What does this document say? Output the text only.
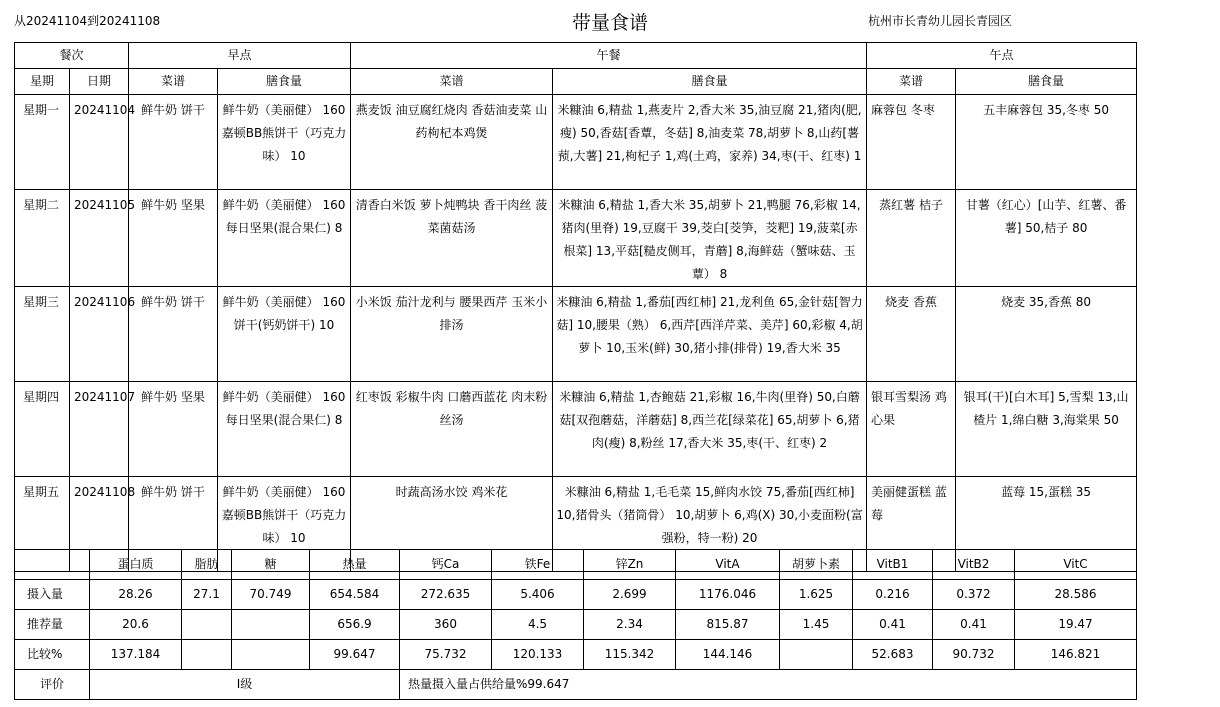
从20241104到20241108	带量食谱	杭州市长青幼儿园长青园区
餐次		早点		午餐		午点	
星期	日期	菜谱	膳食量	菜谱	膳食量	菜谱	膳食量
星期一	20241104	鲜牛奶 饼干	鲜牛奶（美丽健） 160 嘉顿BB熊饼干（巧克力味） 10	燕麦饭 油豆腐红烧肉 香菇油麦菜 山药枸杞本鸡煲	米糠油 6,精盐 1,燕麦片 2,香大米 35,油豆腐 21,猪肉(肥,瘦) 50,香菇[香蕈，冬菇] 8,油麦菜 78,胡萝卜 8,山药[薯蓣,大薯] 21,枸杞子 1,鸡(土鸡，家养) 34,枣(干、红枣) 1	麻蓉包 冬枣	五丰麻蓉包 35,冬枣 50
星期二	20241105	鲜牛奶 坚果	鲜牛奶（美丽健） 160 每日坚果(混合果仁) 8	清香白米饭 萝卜炖鸭块 香干肉丝 菠菜菌菇汤	米糠油 6,精盐 1,香大米 35,胡萝卜 21,鸭腿 76,彩椒 14,猪肉(里脊) 19,豆腐干 39,茭白[茭笋，茭粑] 19,菠菜[赤根菜] 13,平菇[糙皮侧耳，青蘑] 8,海鲜菇（蟹味菇、玉蕈） 8	蒸红薯 桔子	甘薯（红心）[山芋、红薯、番薯] 50,桔子 80
星期三	20241106	鲜牛奶 饼干	鲜牛奶（美丽健） 160 饼干(钙奶饼干) 10	小米饭 茄汁龙利与 腰果西芹 玉米小排汤	米糠油 6,精盐 1,番茄[西红柿] 21,龙利鱼 65,金针菇[智力菇] 10,腰果（熟） 6,西芹[西洋芹菜、美芹] 60,彩椒 4,胡萝卜 10,玉米(鲜) 30,猪小排(排骨) 19,香大米 35	烧麦 香蕉	烧麦 35,香蕉 80
星期四	20241107	鲜牛奶 坚果	鲜牛奶（美丽健） 160 每日坚果(混合果仁) 8	红枣饭 彩椒牛肉 口蘑西蓝花 肉末粉丝汤	米糠油 6,精盐 1,杏鲍菇 21,彩椒 16,牛肉(里脊) 50,白蘑菇[双孢蘑菇，洋蘑菇] 8,西兰花[绿菜花] 65,胡萝卜 6,猪肉(瘦) 8,粉丝 17,香大米 35,枣(干、红枣) 2	银耳雪梨汤 鸡心果	银耳(干)[白木耳] 5,雪梨 13,山楂片 1,绵白糖 3,海棠果 50
星期五	20241108	鲜牛奶 饼干	鲜牛奶（美丽健） 160 嘉顿BB熊饼干（巧克力味） 10	时蔬高汤水饺 鸡米花	米糠油 6,精盐 1,毛毛菜 15,鲜肉水饺 75,番茄[西红柿] 10,猪骨头（猪筒骨） 10,胡萝卜 6,鸡(X) 30,小麦面粉(富强粉，特一粉) 20	美丽健蛋糕 蓝莓	蓝莓 15,蛋糕 35
	蛋白质	脂肪	糖	热量	钙Ca	铁Fe	锌Zn	VitA	胡萝卜素	VitB1	VitB2	VitC
摄入量	28.26	27.1	70.749	654.584	272.635	5.406	2.699	1176.046	1.625	0.216	0.372	28.586
推荐量	20.6			656.9	360	4.5	2.34	815.87	1.45	0.41	0.41	19.47
比较%	137.184			99.647	75.732	120.133	115.342	144.146		52.683	90.732	146.821
评价	I级				热量摄入量占供给量%99.647							
